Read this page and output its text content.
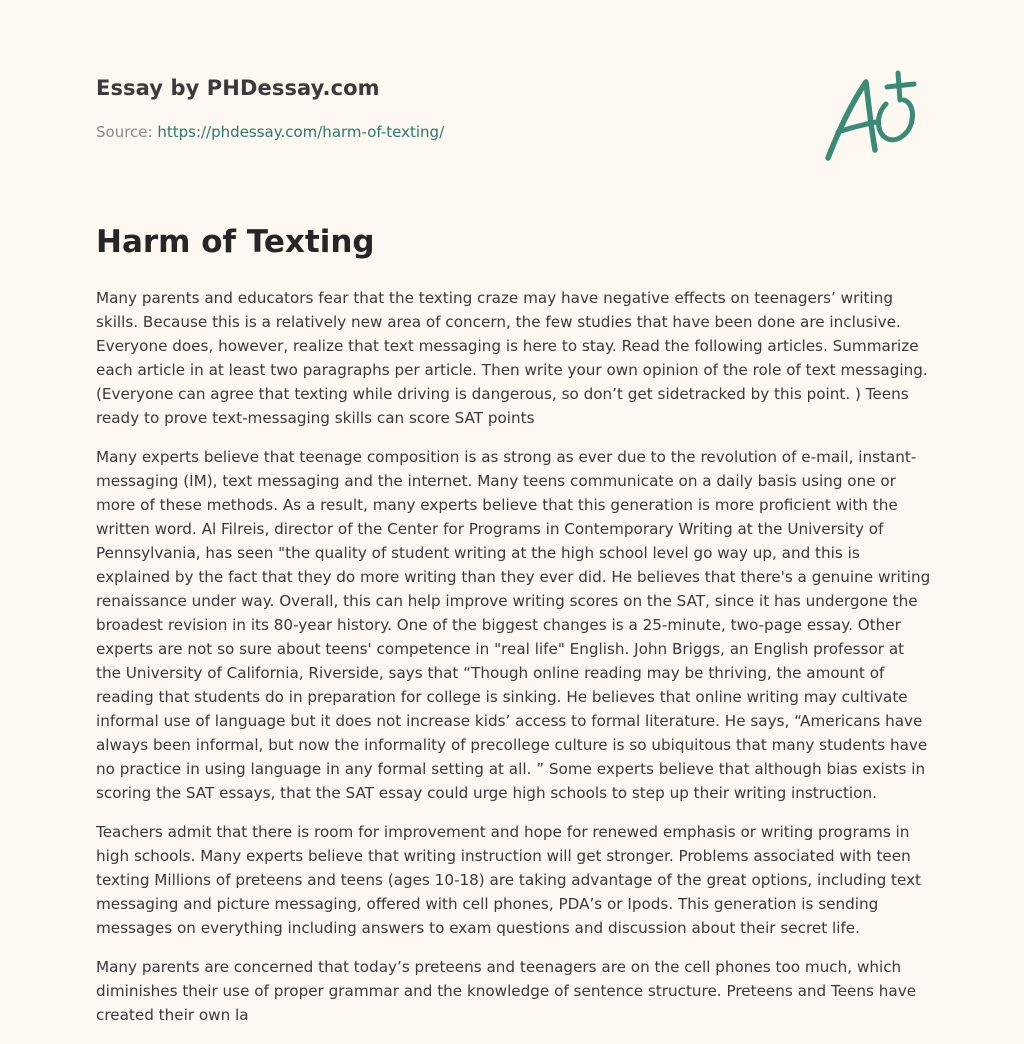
Essay by PHDessay.com

Source: https://phdessay.com/harm-of-texting/

Harm of Texting

Many parents and educators fear that the texting craze may have negative effects on teenagers’ writing skills. Because this is a relatively new area of concern, the few studies that have been done are inclusive. Everyone does, however, realize that text messaging is here to stay. Read the following articles. Summarize each article in at least two paragraphs per article. Then write your own opinion of the role of text messaging. (Everyone can agree that texting while driving is dangerous, so don’t get sidetracked by this point. ) Teens ready to prove text-messaging skills can score SAT points

Many experts believe that teenage composition is as strong as ever due to the revolution of e-mail, instant-messaging (IM), text messaging and the internet. Many teens communicate on a daily basis using one or more of these methods. As a result, many experts believe that this generation is more proficient with the written word. Al Filreis, director of the Center for Programs in Contemporary Writing at the University of Pennsylvania, has seen "the quality of student writing at the high school level go way up, and this is explained by the fact that they do more writing than they ever did. He believes that there's a genuine writing renaissance under way. Overall, this can help improve writing scores on the SAT, since it has undergone the broadest revision in its 80-year history. One of the biggest changes is a 25-minute, two-page essay. Other experts are not so sure about teens' competence in "real life" English. John Briggs, an English professor at the University of California, Riverside, says that “Though online reading may be thriving, the amount of reading that students do in preparation for college is sinking. He believes that online writing may cultivate informal use of language but it does not increase kids’ access to formal literature. He says, “Americans have always been informal, but now the informality of precollege culture is so ubiquitous that many students have no practice in using language in any formal setting at all. ” Some experts believe that although bias exists in scoring the SAT essays, that the SAT essay could urge high schools to step up their writing instruction.

Teachers admit that there is room for improvement and hope for renewed emphasis or writing programs in high schools. Many experts believe that writing instruction will get stronger. Problems associated with teen texting Millions of preteens and teens (ages 10-18) are taking advantage of the great options, including text messaging and picture messaging, offered with cell phones, PDA’s or Ipods. This generation is sending messages on everything including answers to exam questions and discussion about their secret life.

Many parents are concerned that today’s preteens and teenagers are on the cell phones too much, which diminishes their use of proper grammar and the knowledge of sentence structure. Preteens and Teens have created their own la
